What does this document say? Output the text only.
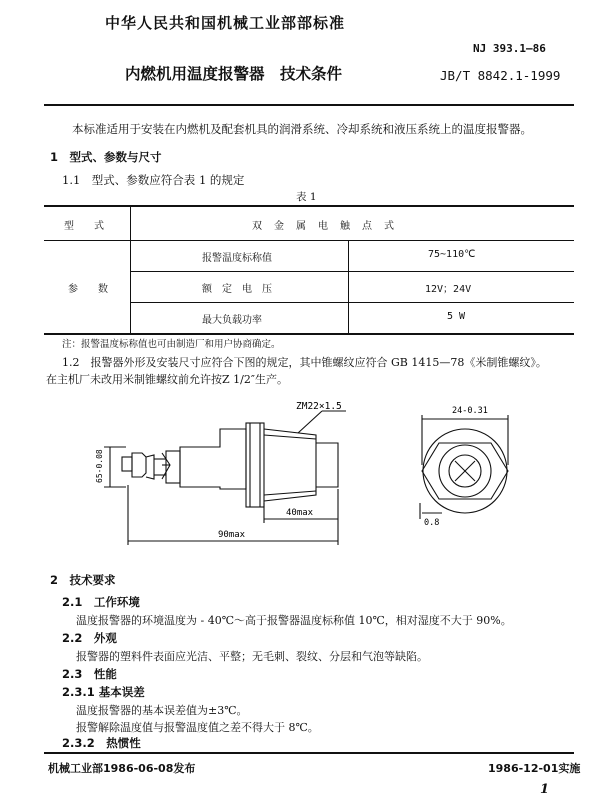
中华人民共和国机械工业部部标准
NJ 393.1—86
内燃机用温度报警器　技术条件	JB/T 8842.1-1999
本标准适用于安装在内燃机及配套机具的润滑系统、冷却系统和液压系统上的温度报警器。
1　型式、参数与尺寸
1.1　型式、参数应符合表 1 的规定
表 1
型　　式	双　金　属　电　触　点　式
参　　数
报警温度标称值	75~110℃
额　定　电　压	12V；24V
最大负载功率	5 W
注：报警温度标称值也可由制造厂和用户协商确定。
1.2　报警器外形及安装尺寸应符合下图的规定，其中锥螺纹应符合 GB 1415—78《米制锥螺纹》。
在主机厂未改用米制锥螺纹前允许按Z 1/2″生产。
ZM22×1.5
65-0.08
40max
90max
24-0.31
0.8
2　技术要求
2.1　工作环境
温度报警器的环境温度为 - 40℃～高于报警器温度标称值 10℃，相对湿度不大于 90%。
2.2　外观
报警器的塑料件表面应光洁、平整；无毛刺、裂纹、分层和气泡等缺陷。
2.3　性能
2.3.1 基本误差
温度报警器的基本误差值为±3℃。
报警解除温度值与报警温度值之差不得大于 8℃。
2.3.2　热惯性
机械工业部1986-06-08发布	1986-12-01实施
1
